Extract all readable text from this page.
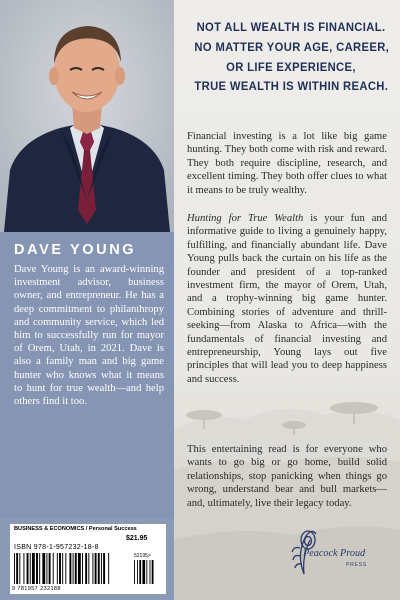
DAVE YOUNG
Dave Young is an award-winning investment advisor, business owner, and entrepreneur. He has a deep commitment to philanthropy and community service, which led him to successfully run for mayor of Orem, Utah, in 2021. Dave is also a family man and big game hunter who knows what it means to hunt for true wealth—and help others find it too.
BUSINESS & ECONOMICS / Personal Success
$21.95
ISBN 978-1-957232-18-8
9 781957 232188
52195>
NOT ALL WEALTH IS FINANCIAL.
NO MATTER YOUR AGE, CAREER,
OR LIFE EXPERIENCE,
TRUE WEALTH IS WITHIN REACH.
Financial investing is a lot like big game hunting. They both come with risk and reward. They both require discipline, research, and excellent timing. They both offer clues to what it means to be truly wealthy.
Hunting for True Wealth is your fun and informative guide to living a genuinely happy, fulfilling, and financially abundant life. Dave Young pulls back the curtain on his life as the founder and president of a top-ranked investment firm, the mayor of Orem, Utah, and a trophy-winning big game hunter. Combining stories of adventure and thrill-seeking—from Alaska to Africa—with the fundamentals of financial investing and entrepreneurship, Young lays out five principles that will lead you to deep happiness and success.
This entertaining read is for everyone who wants to go big or go home, build solid relationships, stop panicking when things go wrong, understand bear and bull markets—and, ultimately, live their legacy today.
Peacock Proud
PRESS
